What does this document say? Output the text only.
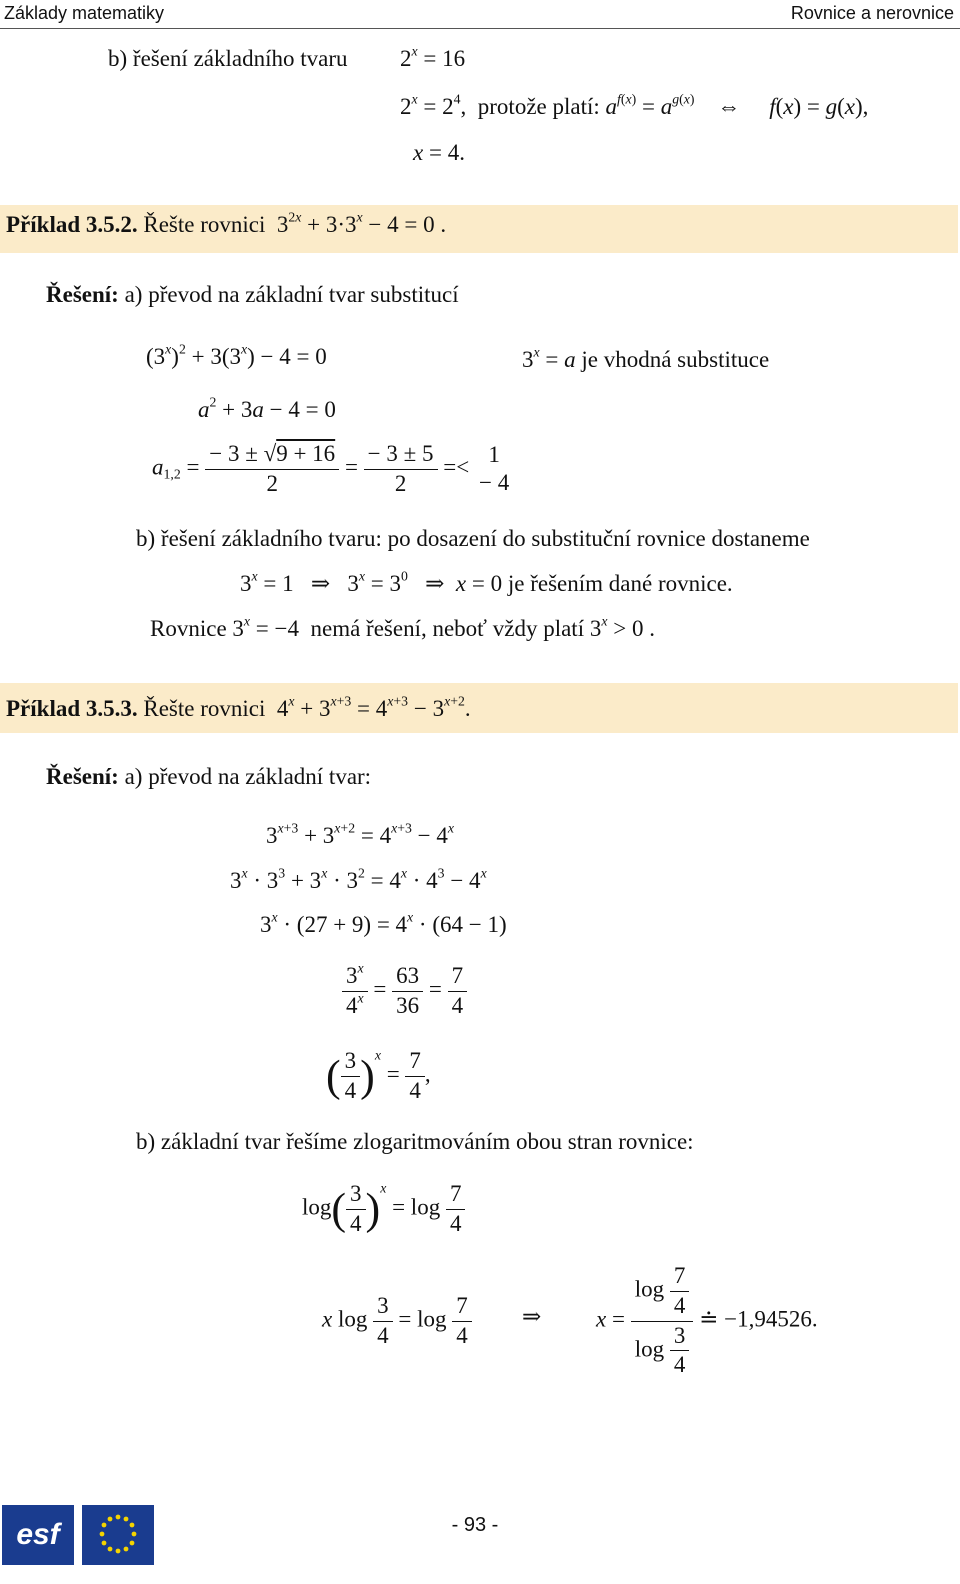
Základy matematiky	Rovnice a nerovnice
b) řešení základního tvaru $2^x = 16$
$2^x = 2^4$,  protože platí: $a^{f(x)} = a^{g(x)}$    ⇔     f(x) = g(x),
x = 4.
Příklad 3.5.2. Řešte rovnici  $3^{2x} + 3\cdot 3^x - 4 = 0$ .
Řešení: a) převod na základní tvar substitucí
$(3^x)^2 + 3(3^x) - 4 = 0$	$3^x = a$ je vhodná substituce
$a^2 + 3a - 4 = 0$
$a_{1,2} = \frac{- 3 \pm √9 + 16}{2} = \frac{- 3 \pm 5}{2}$ =<
1
− 4
b) řešení základního tvaru: po dosazení do substituční rovnice dostaneme
$3^x = 1$   ⇒   $3^x = 3^0$   ⇒  x = 0 je řešením dané rovnice.
Rovnice $3^x = -4$  nemá řešení, neboť vždy platí $3^x > 0$ .
Příklad 3.5.3. Řešte rovnici  $4^x + 3^{x+3} = 4^{x+3} - 3^{x+2}$.
Řešení: a) převod na základní tvar:
$3^{x+3} + 3^{x+2} = 4^{x+3} - 4^x$
$3^x \cdot 3^3 + 3^x \cdot 3^2 = 4^x \cdot 4^3 - 4^x$
$3^x \cdot (27 + 9) = 4^x \cdot (64 - 1)$
$\frac{3^x}{4^x} = \frac{63}{36} = \frac{7}{4}$
( $\frac{3}{4} )^x = \frac{7}{4}$ ,
b) základní tvar řešíme zlogaritmováním obou stran rovnice:
$\log( \frac{3}{4} )^x = \log \frac{7}{4}$
x $\log \frac{3}{4} = \log \frac{7}{4}$ ⇒ $x = \frac{\log \frac{7}{4}}{\log \frac{3}{4}}$ ≐ −1,94526.
esf	- 93 -
